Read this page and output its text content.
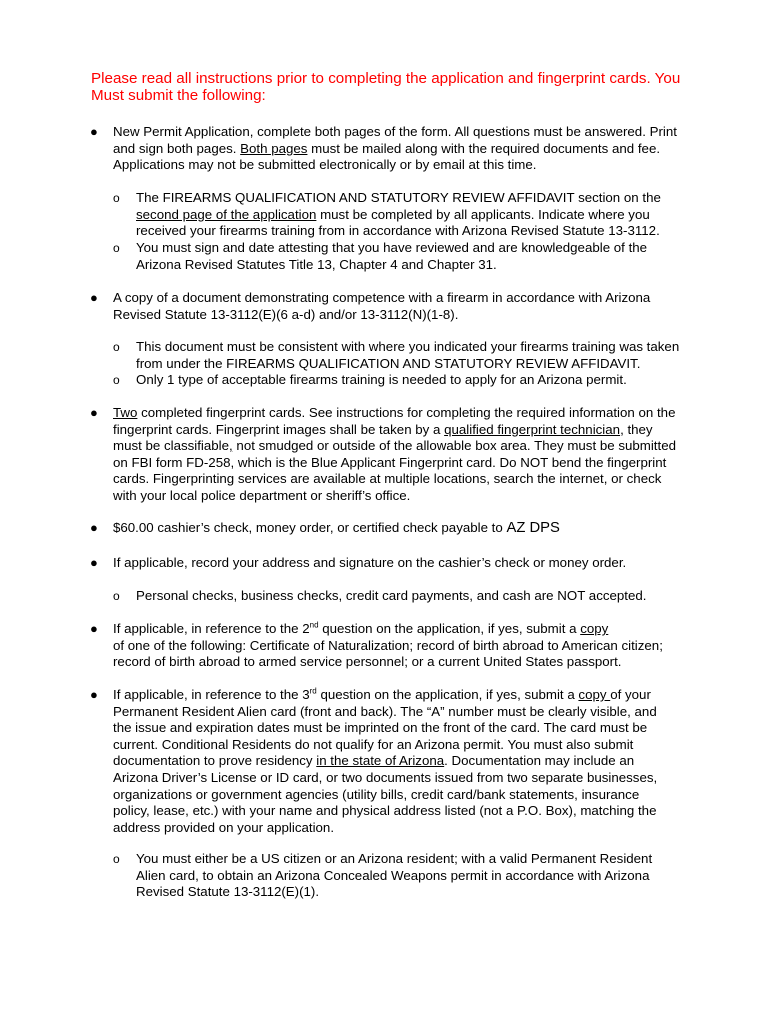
Please read all instructions prior to completing the application and fingerprint cards. You
Must submit the following:

● New Permit Application, complete both pages of the form. All questions must be answered. Print
and sign both pages. Both pages must be mailed along with the required documents and fee.
Applications may not be submitted electronically or by email at this time.
o The FIREARMS QUALIFICATION AND STATUTORY REVIEW AFFIDAVIT section on the
second page of the application must be completed by all applicants. Indicate where you
received your firearms training from in accordance with Arizona Revised Statute 13-3112.
o You must sign and date attesting that you have reviewed and are knowledgeable of the
Arizona Revised Statutes Title 13, Chapter 4 and Chapter 31.
● A copy of a document demonstrating competence with a firearm in accordance with Arizona
Revised Statute 13-3112(E)(6 a-d) and/or 13-3112(N)(1-8).
o This document must be consistent with where you indicated your firearms training was taken
from under the FIREARMS QUALIFICATION AND STATUTORY REVIEW AFFIDAVIT.
o Only 1 type of acceptable firearms training is needed to apply for an Arizona permit.
● Two completed fingerprint cards. See instructions for completing the required information on the
fingerprint cards. Fingerprint images shall be taken by a qualified fingerprint technician, they
must be classifiable, not smudged or outside of the allowable box area. They must be submitted
on FBI form FD-258, which is the Blue Applicant Fingerprint card. Do NOT bend the fingerprint
cards. Fingerprinting services are available at multiple locations, search the internet, or check
with your local police department or sheriff’s office.
● $60.00 cashier’s check, money order, or certified check payable to AZ DPS
● If applicable, record your address and signature on the cashier’s check or money order.
o Personal checks, business checks, credit card payments, and cash are NOT accepted.
● If applicable, in reference to the 2nd question on the application, if yes, submit a copy
of one of the following: Certificate of Naturalization; record of birth abroad to American citizen;
record of birth abroad to armed service personnel; or a current United States passport.
● If applicable, in reference to the 3rd question on the application, if yes, submit a copy of your
Permanent Resident Alien card (front and back). The “A” number must be clearly visible, and
the issue and expiration dates must be imprinted on the front of the card. The card must be
current. Conditional Residents do not qualify for an Arizona permit. You must also submit
documentation to prove residency in the state of Arizona. Documentation may include an
Arizona Driver’s License or ID card, or two documents issued from two separate businesses,
organizations or government agencies (utility bills, credit card/bank statements, insurance
policy, lease, etc.) with your name and physical address listed (not a P.O. Box), matching the
address provided on your application.
o You must either be a US citizen or an Arizona resident; with a valid Permanent Resident
Alien card, to obtain an Arizona Concealed Weapons permit in accordance with Arizona
Revised Statute 13-3112(E)(1).
